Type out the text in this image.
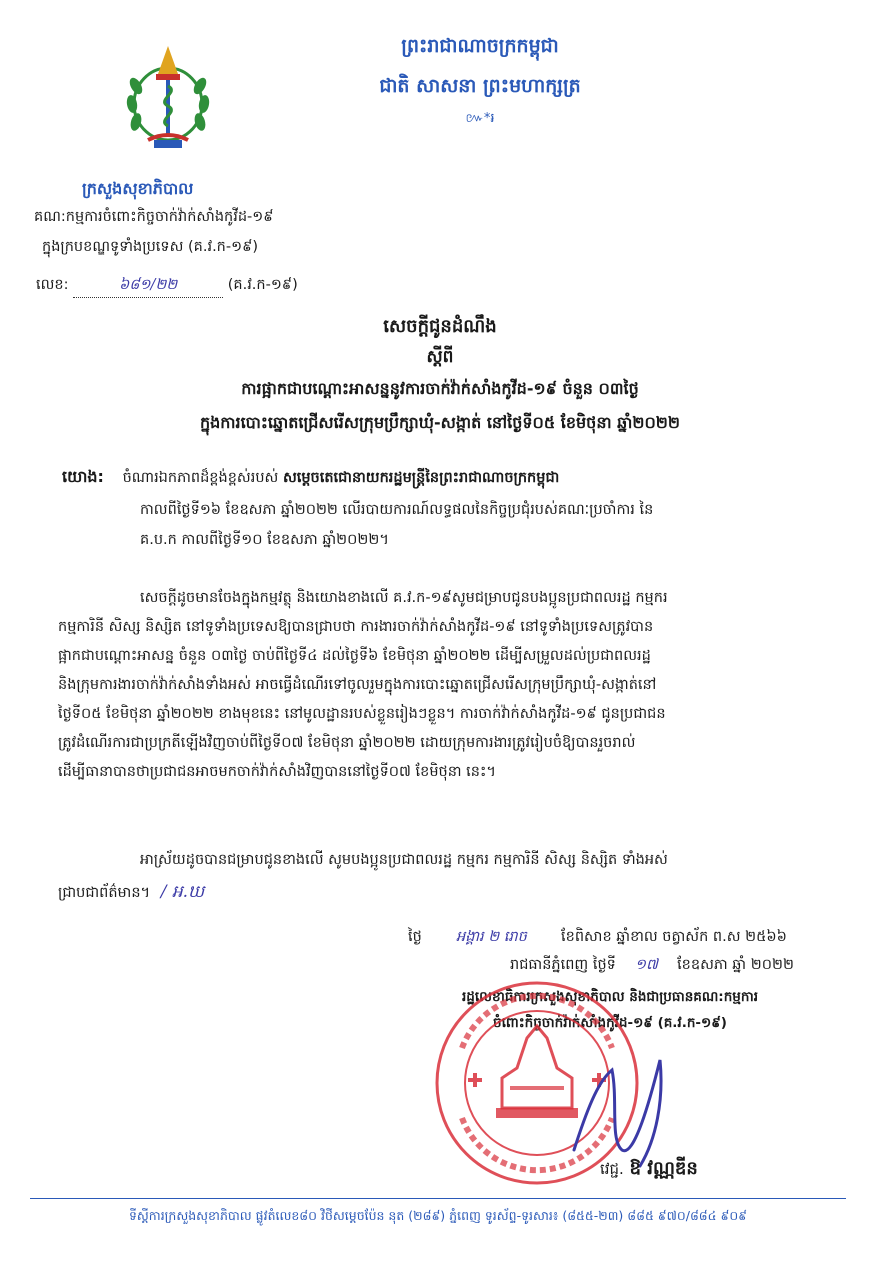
ព្រះរាជាណាចក្រកម្ពុជា
ជាតិ សាសនា ព្រះមហាក្សត្រ
៚*៛
ក្រសួងសុខាភិបាល
គណ:កម្មការចំពោះកិច្ចចាក់វ៉ាក់សាំងកូវីដ-១៩
ក្នុងក្របខណ្ឌទូទាំងប្រទេស (គ.វ.ក-១៩)
លេខ:	៦៨១/២២	(គ.វ.ក-១៩)
សេចក្តីជូនដំណឹង
ស្តីពី
ការផ្អាកជាបណ្តោះអាសន្ននូវការចាក់វ៉ាក់សាំងកូវីដ-១៩ ចំនួន ០៣ថ្ងៃ
ក្នុងការបោះឆ្នោតជ្រើសរើសក្រុមប្រឹក្សាឃុំ-សង្កាត់ នៅថ្ងៃទី០៥ ខែមិថុនា ឆ្នាំ២០២២
យោង: ចំណារឯកភាពដ៏ខ្ពង់ខ្ពស់របស់ សម្តេចតេជោនាយករដ្ឋមន្ត្រីនៃព្រះរាជាណាចក្រកម្ពុជា
កាលពីថ្ងៃទី១៦ ខែឧសភា ឆ្នាំ២០២២ លើរបាយការណ៍លទ្ធផលនៃកិច្ចប្រជុំរបស់គណៈប្រចាំការ នៃ
គ.ប.ក កាលពីថ្ងៃទី១០ ខែឧសភា ឆ្នាំ២០២២។
សេចក្តីដូចមានចែងក្នុងកម្មវត្ថុ និងយោងខាងលើ គ.វ.ក-១៩សូមជម្រាបជូនបងប្អូនប្រជាពលរដ្ឋ កម្មករ
កម្មការិនី សិស្ស និស្សិត នៅទូទាំងប្រទេសឱ្យបានជ្រាបថា ការងារចាក់វ៉ាក់សាំងកូវីដ-១៩ នៅទូទាំងប្រទេសត្រូវបាន
ផ្អាកជាបណ្តោះអាសន្ន ចំនួន ០៣ថ្ងៃ ចាប់ពីថ្ងៃទី៤ ដល់ថ្ងៃទី៦ ខែមិថុនា ឆ្នាំ២០២២ ដើម្បីសម្រួលដល់ប្រជាពលរដ្ឋ
និងក្រុមការងារចាក់វ៉ាក់សាំងទាំងអស់ អាចធ្វើដំណើរទៅចូលរួមក្នុងការបោះឆ្នោតជ្រើសរើសក្រុមប្រឹក្សាឃុំ-សង្កាត់នៅ
ថ្ងៃទី០៥ ខែមិថុនា ឆ្នាំ២០២២ ខាងមុខនេះ នៅមូលដ្ឋានរបស់ខ្លួនរៀងៗខ្លួន។ ការចាក់វ៉ាក់សាំងកូវីដ-១៩ ជូនប្រជាជន
ត្រូវដំណើរការជាប្រក្រតីឡើងវិញចាប់ពីថ្ងៃទី០៧ ខែមិថុនា ឆ្នាំ២០២២ ដោយក្រុមការងារត្រូវរៀបចំឱ្យបានរួចរាល់
ដើម្បីធានាបានថាប្រជាជនអាចមកចាក់វ៉ាក់សាំងវិញបាននៅថ្ងៃទី០៧ ខែមិថុនា នេះ។
អាស្រ័យដូចបានជម្រាបជូនខាងលើ សូមបងប្អូនប្រជាពលរដ្ឋ កម្មករ កម្មការិនី សិស្ស និស្សិត ទាំងអស់
ជ្រាបជាព័ត៌មាន។ / អ.ឃ
ថ្ងៃ អង្គារ ២ រោច ខែពិសាខ ឆ្នាំខាល ចត្វាស័ក ព.ស ២៥៦៦
រាជធានីភ្នំពេញ ថ្ងៃទី ១៧ ខែឧសភា ឆ្នាំ ២០២២
រដ្ឋលេខាធិការក្រសួងសុខាភិបាល និងជាប្រធានគណ:កម្មការ
ចំពោះកិច្ចចាក់វ៉ាក់សាំងកូវីដ-១៩ (គ.វ.ក-១៩)
វេជ្ជ. ឱ វណ្ណឌីន
ទីស្តីការក្រសួងសុខាភិបាល ផ្លូវតំលេខ៨០ វិថីសម្តេចប៉ែន នុត (២៨៩) ភ្នំពេញ ទូរស័ព្ទ-ទូរសារ៖ (៨៥៥-២៣) ៨៨៥ ៩៧០/៨៨៤ ៩០៩
